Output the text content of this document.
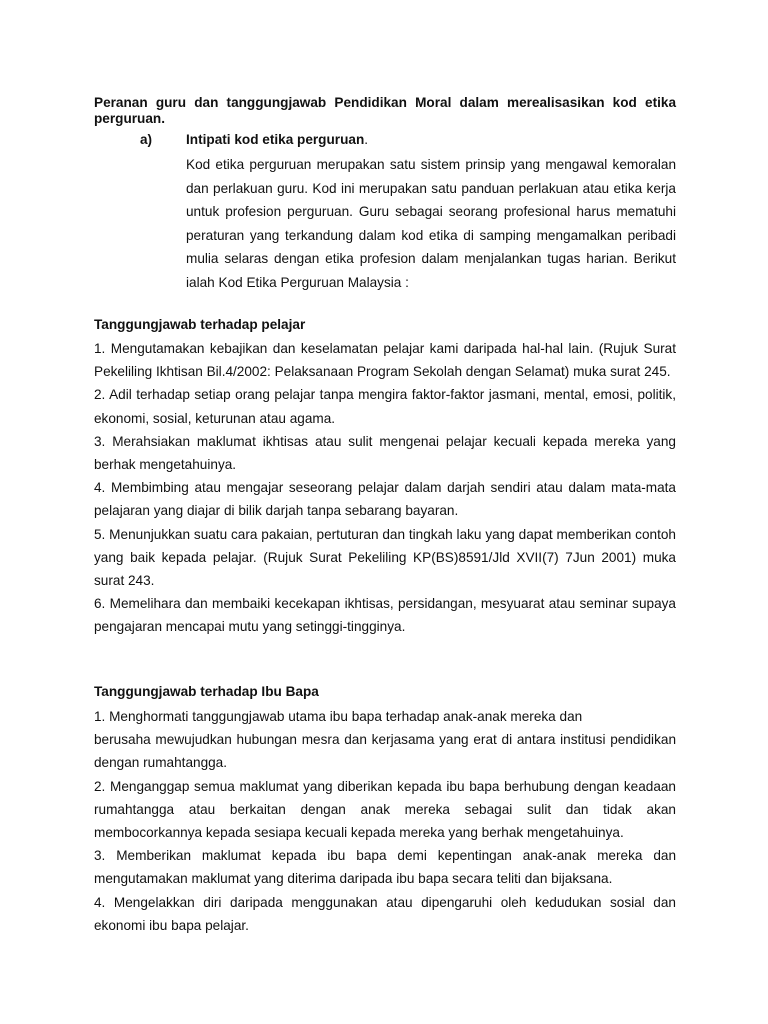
Peranan guru dan tanggungjawab Pendidikan Moral dalam merealisasikan kod etika perguruan.
a) Intipati kod etika perguruan.
Kod etika perguruan merupakan satu sistem prinsip yang mengawal kemoralan dan perlakuan guru. Kod ini merupakan satu panduan perlakuan atau etika kerja untuk profesion perguruan. Guru sebagai seorang profesional harus mematuhi peraturan yang terkandung dalam kod etika di samping mengamalkan peribadi mulia selaras dengan etika profesion dalam menjalankan tugas harian. Berikut ialah Kod Etika Perguruan Malaysia :
Tanggungjawab terhadap pelajar

1. Mengutamakan kebajikan dan keselamatan pelajar kami daripada hal-hal lain. (Rujuk Surat Pekeliling Ikhtisan Bil.4/2002: Pelaksanaan Program Sekolah dengan Selamat) muka surat 245.

2. Adil terhadap setiap orang pelajar tanpa mengira faktor-faktor jasmani, mental, emosi, politik, ekonomi, sosial, keturunan atau agama.

3. Merahsiakan maklumat ikhtisas atau sulit mengenai pelajar kecuali kepada mereka yang berhak mengetahuinya.

4. Membimbing atau mengajar seseorang pelajar dalam darjah sendiri atau dalam mata-mata pelajaran yang diajar di bilik darjah tanpa sebarang bayaran.

5. Menunjukkan suatu cara pakaian, pertuturan dan tingkah laku yang dapat memberikan contoh yang baik kepada pelajar. (Rujuk Surat Pekeliling KP(BS)8591/Jld XVII(7) 7Jun 2001) muka surat 243.

6. Memelihara dan membaiki kecekapan ikhtisas, persidangan, mesyuarat atau seminar supaya pengajaran mencapai mutu yang setinggi-tingginya.

Tanggungjawab terhadap Ibu Bapa

1. Menghormati tanggungjawab utama ibu bapa terhadap anak-anak mereka dan

berusaha mewujudkan hubungan mesra dan kerjasama yang erat di antara institusi pendidikan dengan rumahtangga.

2. Menganggap semua maklumat yang diberikan kepada ibu bapa berhubung dengan keadaan rumahtangga atau berkaitan dengan anak mereka sebagai sulit dan tidak akan membocorkannya kepada sesiapa kecuali kepada mereka yang berhak mengetahuinya.

3. Memberikan maklumat kepada ibu bapa demi kepentingan anak-anak mereka dan mengutamakan maklumat yang diterima daripada ibu bapa secara teliti dan bijaksana.

4. Mengelakkan diri daripada menggunakan atau dipengaruhi oleh kedudukan sosial dan ekonomi ibu bapa pelajar.
